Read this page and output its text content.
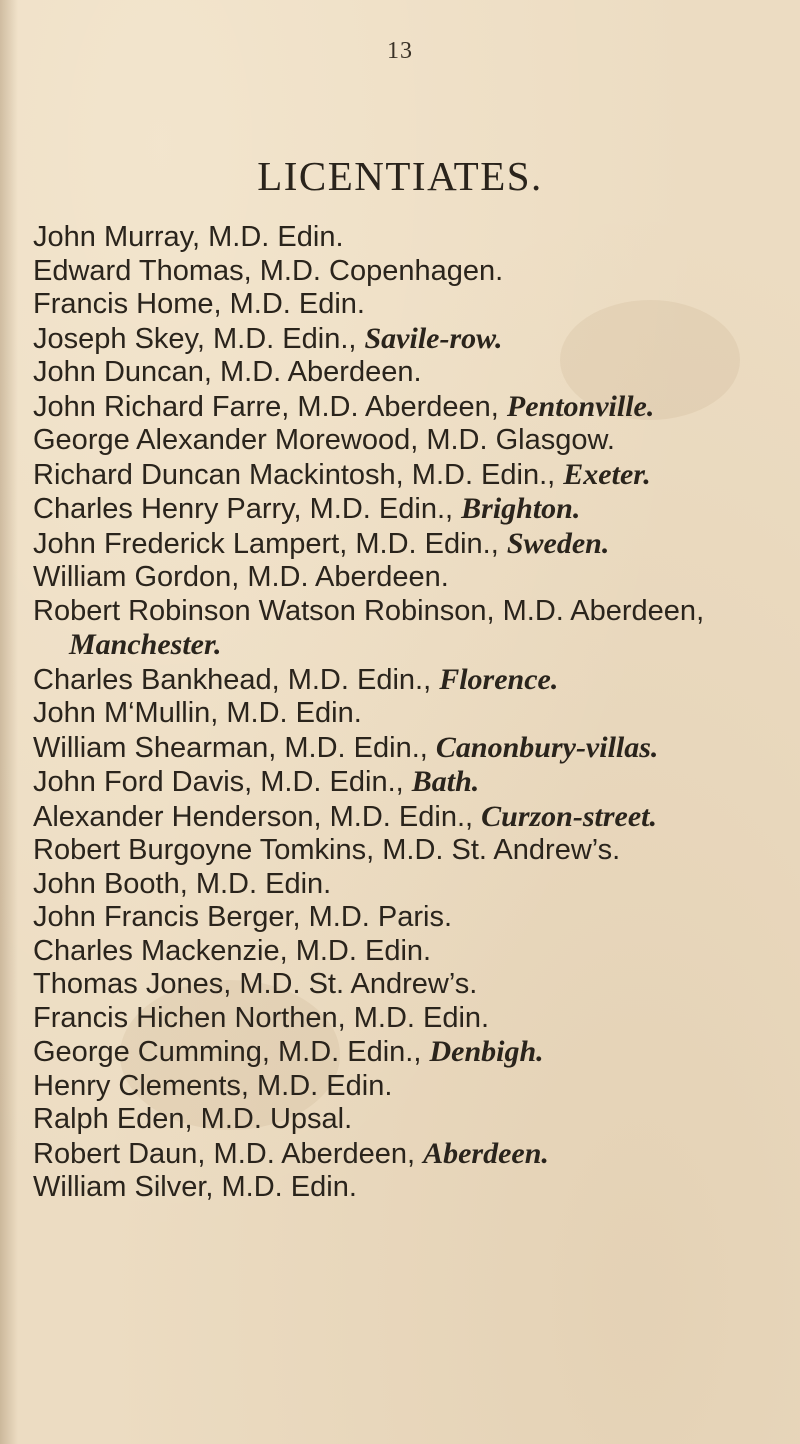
13
LICENTIATES.
John Murray, M.D. Edin.
Edward Thomas, M.D. Copenhagen.
Francis Home, M.D. Edin.
Joseph Skey, M.D. Edin., Savile-row.
John Duncan, M.D. Aberdeen.
John Richard Farre, M.D. Aberdeen, Pentonville.
George Alexander Morewood, M.D. Glasgow.
Richard Duncan Mackintosh, M.D. Edin., Exeter.
Charles Henry Parry, M.D. Edin., Brighton.
John Frederick Lampert, M.D. Edin., Sweden.
William Gordon, M.D. Aberdeen.
Robert Robinson Watson Robinson, M.D. Aberdeen,
Manchester.
Charles Bankhead, M.D. Edin., Florence.
John M‘Mullin, M.D. Edin.
William Shearman, M.D. Edin., Canonbury-villas.
John Ford Davis, M.D. Edin., Bath.
Alexander Henderson, M.D. Edin., Curzon-street.
Robert Burgoyne Tomkins, M.D. St. Andrew’s.
John Booth, M.D. Edin.
John Francis Berger, M.D. Paris.
Charles Mackenzie, M.D. Edin.
Thomas Jones, M.D. St. Andrew’s.
Francis Hichen Northen, M.D. Edin.
George Cumming, M.D. Edin., Denbigh.
Henry Clements, M.D. Edin.
Ralph Eden, M.D. Upsal.
Robert Daun, M.D. Aberdeen, Aberdeen.
William Silver, M.D. Edin.
